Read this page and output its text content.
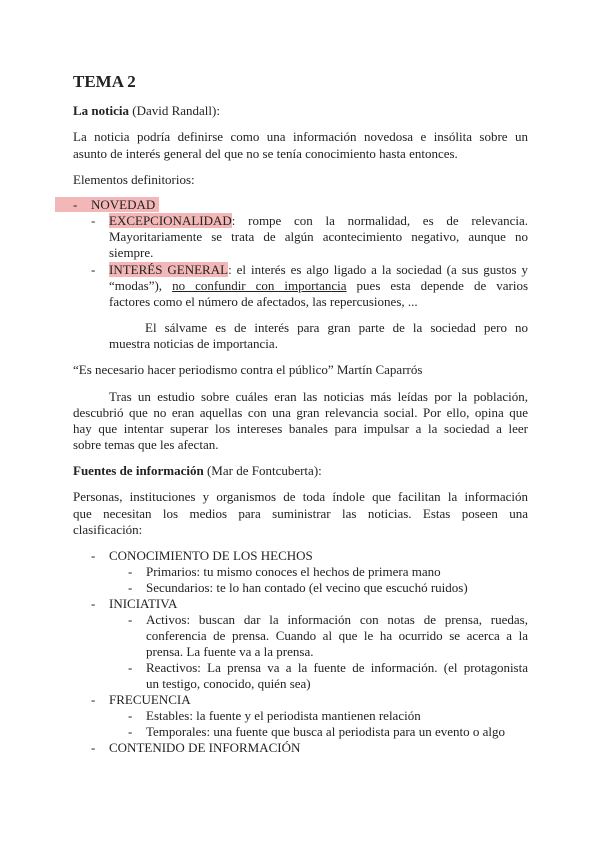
TEMA 2
La noticia (David Randall):
La noticia podría definirse como una información novedosa e insólita sobre un
asunto de interés general del que no se tenía conocimiento hasta entonces.
Elementos definitorios:
-	NOVEDAD
-	EXCEPCIONALIDAD: rompe con la normalidad, es de relevancia.
Mayoritariamente se trata de algún acontecimiento negativo, aunque no
siempre.
-	INTERÉS GENERAL: el interés es algo ligado a la sociedad (a sus gustos y
“modas”), no confundir con importancia pues esta depende de varios
factores como el número de afectados, las repercusiones, ...
El sálvame es de interés para gran parte de la sociedad pero no
muestra noticias de importancia.
“Es necesario hacer periodismo contra el público” Martín Caparrós
Tras un estudio sobre cuáles eran las noticias más leídas por la población,
descubrió que no eran aquellas con una gran relevancia social. Por ello, opina que
hay que intentar superar los intereses banales para impulsar a la sociedad a leer
sobre temas que les afectan.
Fuentes de información (Mar de Fontcuberta):
Personas, instituciones y organismos de toda índole que facilitan la información
que necesitan los medios para suministrar las noticias. Estas poseen una
clasificación:
-	CONOCIMIENTO DE LOS HECHOS
-	Primarios: tu mismo conoces el hechos de primera mano
-	Secundarios: te lo han contado (el vecino que escuchó ruidos)
-	INICIATIVA
-	Activos: buscan dar la información con notas de prensa, ruedas,
conferencia de prensa. Cuando al que le ha ocurrido se acerca a la
prensa. La fuente va a la prensa.
-	Reactivos: La prensa va a la fuente de información. (el protagonista
un testigo, conocido, quién sea)
-	FRECUENCIA
-	Estables: la fuente y el periodista mantienen relación
-	Temporales: una fuente que busca al periodista para un evento o algo
-	CONTENIDO DE INFORMACIÓN
